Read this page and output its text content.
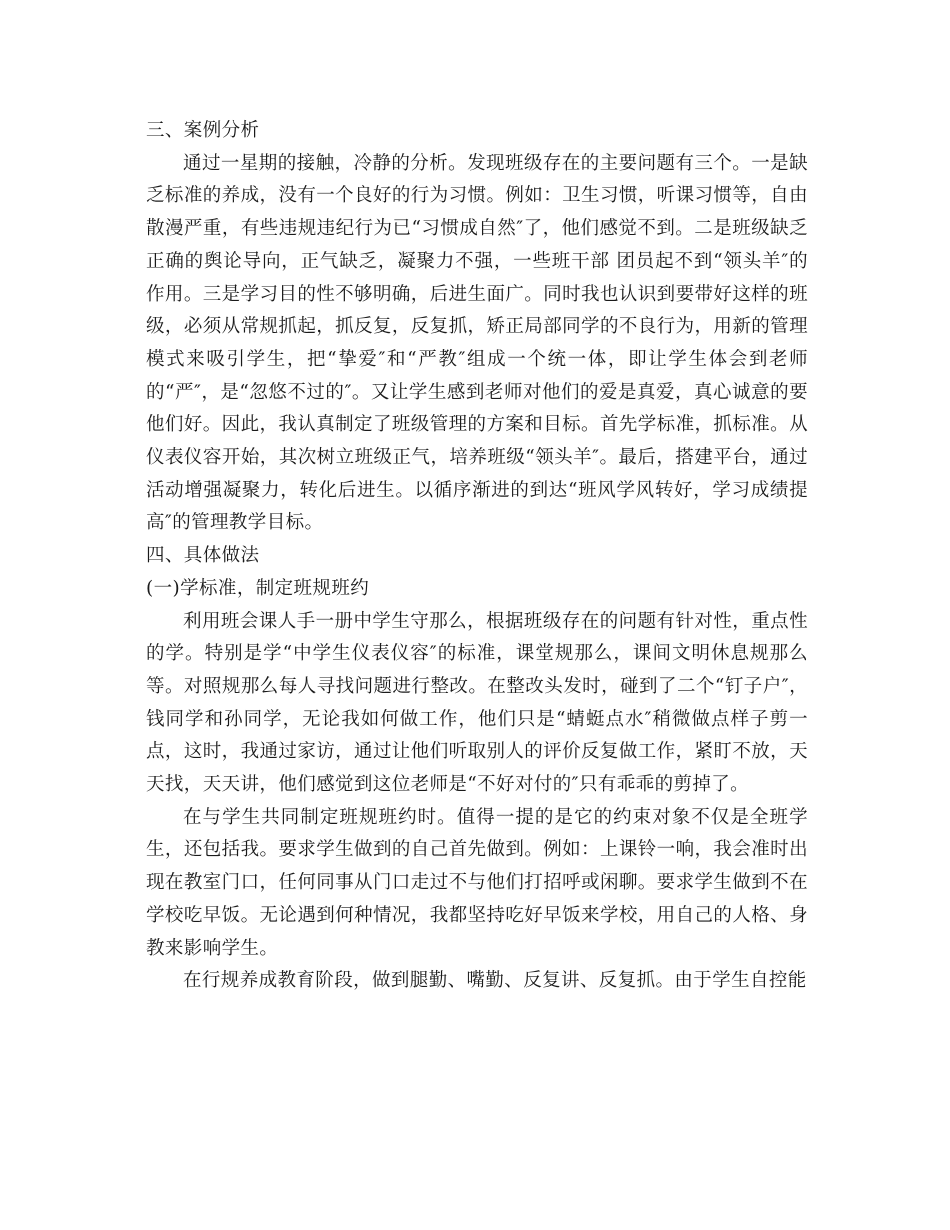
三、案例分析

通过一星期的接触，冷静的分析。发现班级存在的主要问题有三个。一是缺乏标准的养成，没有一个良好的行为习惯。例如：卫生习惯，听课习惯等，自由散漫严重，有些违规违纪行为已“习惯成自然″了，他们感觉不到。二是班级缺乏正确的舆论导向，正气缺乏，凝聚力不强，一些班干部 团员起不到“领头羊″的作用。三是学习目的性不够明确，后进生面广。同时我也认识到要带好这样的班级，必须从常规抓起，抓反复，反复抓，矫正局部同学的不良行为，用新的管理模式来吸引学生，把“挚爱″和“严教″组成一个统一体，即让学生体会到老师的“严″，是“忽悠不过的″。又让学生感到老师对他们的爱是真爱，真心诚意的要他们好。因此，我认真制定了班级管理的方案和目标。首先学标准，抓标准。从仪表仪容开始，其次树立班级正气，培养班级“领头羊″。最后，搭建平台，通过活动增强凝聚力，转化后进生。以循序渐进的到达“班风学风转好，学习成绩提高″的管理教学目标。

四、具体做法

(一)学标准，制定班规班约

利用班会课人手一册中学生守那么，根据班级存在的问题有针对性，重点性的学。特别是学“中学生仪表仪容″的标准，课堂规那么，课间文明休息规那么等。对照规那么每人寻找问题进行整改。在整改头发时，碰到了二个“钉子户″，钱同学和孙同学，无论我如何做工作，他们只是“蜻蜓点水″稍微做点样子剪一点，这时，我通过家访，通过让他们听取别人的评价反复做工作，紧盯不放，天天找，天天讲，他们感觉到这位老师是“不好对付的″只有乖乖的剪掉了。

在与学生共同制定班规班约时。值得一提的是它的约束对象不仅是全班学生，还包括我。要求学生做到的自己首先做到。例如：上课铃一响，我会准时出现在教室门口，任何同事从门口走过不与他们打招呼或闲聊。要求学生做到不在学校吃早饭。无论遇到何种情况，我都坚持吃好早饭来学校，用自己的人格、身教来影响学生。

在行规养成教育阶段，做到腿勤、嘴勤、反复讲、反复抓。由于学生自控能
